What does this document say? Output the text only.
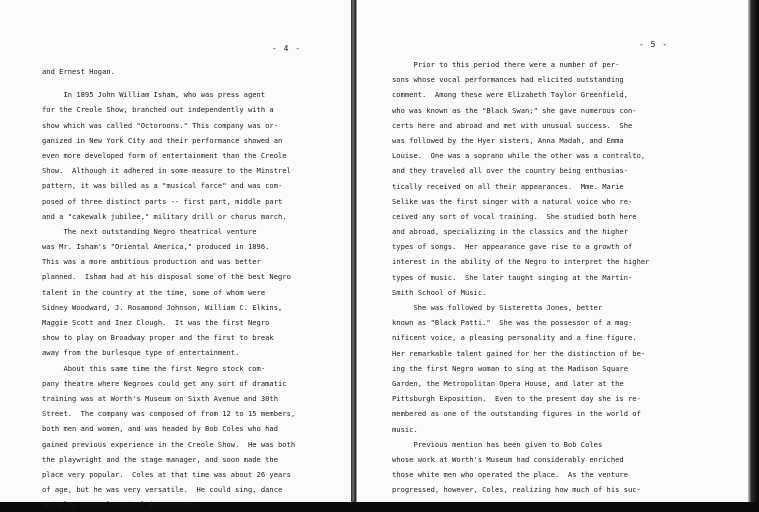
- 4 -
and Ernest Hogan.
In 1895 John William Isham, who was press agent
for the Creole Show, branched out independently with a
show which was called "Octoroons." This company was or-
ganized in New York City and their performance showed an
even more developed form of entertainment than the Creole
Show.  Although it adhered in some measure to the Minstrel
pattern, it was billed as a "musical farce" and was com-
posed of three distinct parts -- first part, middle part
and a "cakewalk jubilee," military drill or chorus march.
The next outstanding Negro theatrical venture
was Mr. Isham's "Oriental America," produced in 1896.
This was a more ambitious production and was better
planned.  Isham had at his disposal some of the best Negro
talent in the country at the time, some of whom were
Sidney Woodward, J. Rosamond Johnson, William C. Elkins,
Maggie Scott and Inez Clough.  It was the first Negro
show to play on Broadway proper and the first to break
away from the burlesque type of entertainment.
About this same time the first Negro stock com-
pany theatre where Negroes could get any sort of dramatic
training was at Worth's Museum on Sixth Avenue and 30th
Street.  The company was composed of from 12 to 15 members,
both men and women, and was headed by Bob Coles who had
gained previous experience in the Creole Show.  He was both
the playwright and the stage manager, and soon made the
place very popular.  Coles at that time was about 26 years
of age, but he was very versatile.  He could sing, dance
and play several musical instruments.
- 5 -
Prior to this period there were a number of per-
sons whose vocal performances had elicited outstanding
comment.  Among these were Elizabeth Taylor Greenfield,
who was known as the "Black Swan;" she gave numerous con-
certs here and abroad and met with unusual success.  She
was followed by the Hyer sisters, Anna Madah, and Emma
Louise.  One was a soprano while the other was a contralto,
and they traveled all over the country being enthusias-
tically received on all their appearances.  Mme. Marie
Selike was the first singer with a natural voice who re-
ceived any sort of vocal training.  She studied both here
and abroad, specializing in the classics and the higher
types of songs.  Her appearance gave rise to a growth of
interest in the ability of the Negro to interpret the higher
types of music.  She later taught singing at the Martin-
Smith School of Music.
She was followed by Sisteretta Jones, better
known as "Black Patti."  She was the possessor of a mag-
nificent voice, a pleasing personality and a fine figure.
Her remarkable talent gained for her the distinction of be-
ing the first Negro woman to sing at the Madison Square
Garden, the Metropolitan Opera House, and later at the
Pittsburgh Exposition.  Even to the present day she is re-
membered as one of the outstanding figures in the world of
music.
Previous mention has been given to Bob Coles
whose work at Worth's Museum had considerably enriched
those white men who operated the place.  As the venture
progressed, however, Coles, realizing how much of his suc-
